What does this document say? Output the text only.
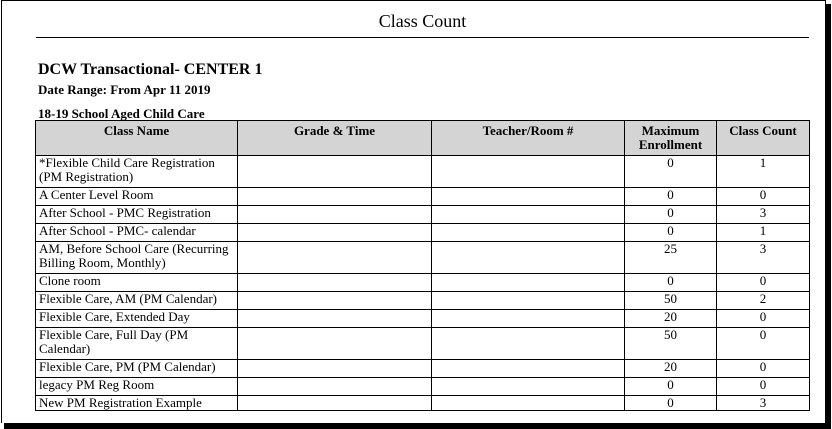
Class Count
DCW Transactional- CENTER 1
Date Range: From Apr 11 2019
18-19 School Aged Child Care
Class Name	Grade & Time	Teacher/Room #	Maximum Enrollment	Class Count
*Flexible Child Care Registration (PM Registration)			0	1
A Center Level Room			0	0
After School - PMC Registration			0	3
After School - PMC- calendar			0	1
AM, Before School Care (Recurring Billing Room, Monthly)			25	3
Clone room			0	0
Flexible Care, AM (PM Calendar)			50	2
Flexible Care, Extended Day			20	0
Flexible Care, Full Day (PM Calendar)			50	0
Flexible Care, PM (PM Calendar)			20	0
legacy PM Reg Room			0	0
New PM Registration Example			0	3
